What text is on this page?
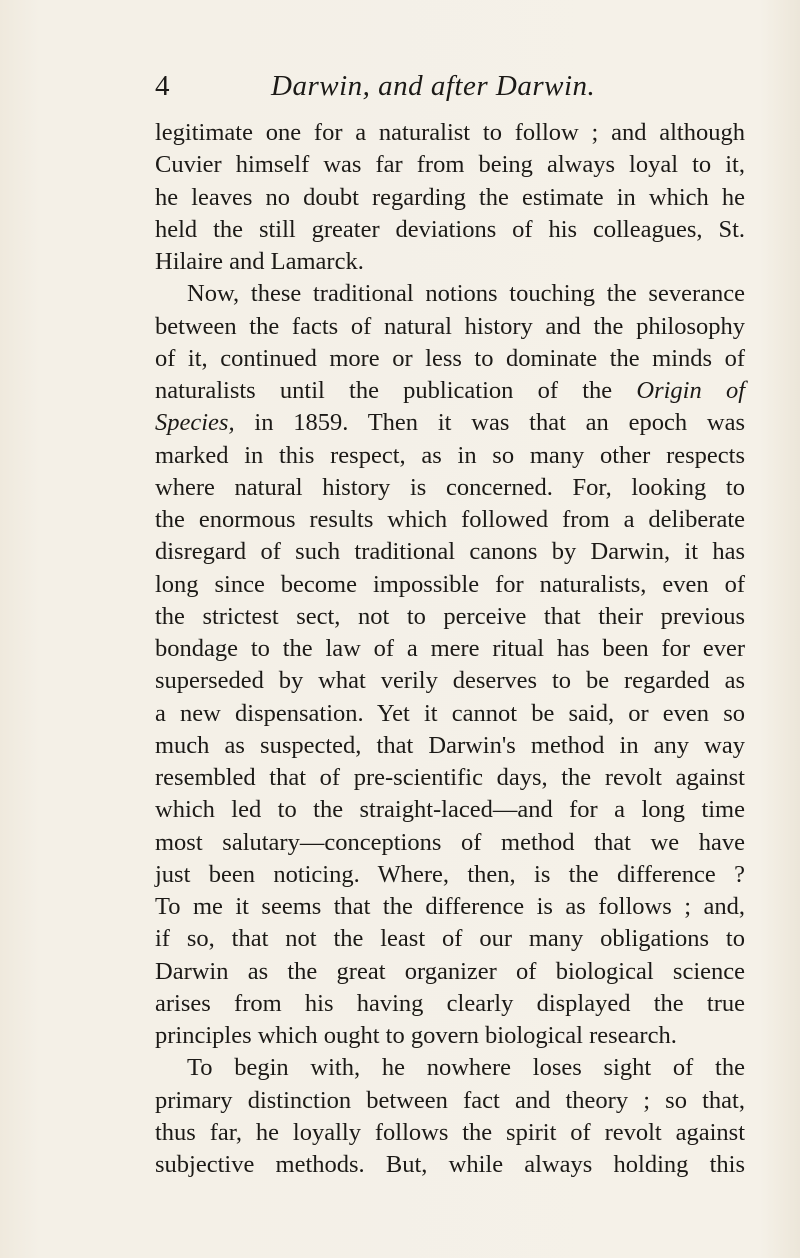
4	Darwin, and after Darwin.
legitimate one for a naturalist to follow ; and although
Cuvier himself was far from being always loyal to it,
he leaves no doubt regarding the estimate in which he
held the still greater deviations of his colleagues, St.
Hilaire and Lamarck.
Now, these traditional notions touching the severance
between the facts of natural history and the philosophy
of it, continued more or less to dominate the minds of
naturalists until the publication of the Origin of
Species, in 1859. Then it was that an epoch was
marked in this respect, as in so many other respects
where natural history is concerned. For, looking to
the enormous results which followed from a deliberate
disregard of such traditional canons by Darwin, it has
long since become impossible for naturalists, even of
the strictest sect, not to perceive that their previous
bondage to the law of a mere ritual has been for ever
superseded by what verily deserves to be regarded as
a new dispensation. Yet it cannot be said, or even so
much as suspected, that Darwin's method in any way
resembled that of pre-scientific days, the revolt against
which led to the straight-laced—and for a long time
most salutary—conceptions of method that we have
just been noticing. Where, then, is the difference ?
To me it seems that the difference is as follows ; and,
if so, that not the least of our many obligations to
Darwin as the great organizer of biological science
arises from his having clearly displayed the true
principles which ought to govern biological research.
To begin with, he nowhere loses sight of the
primary distinction between fact and theory ; so that,
thus far, he loyally follows the spirit of revolt against
subjective methods. But, while always holding this
